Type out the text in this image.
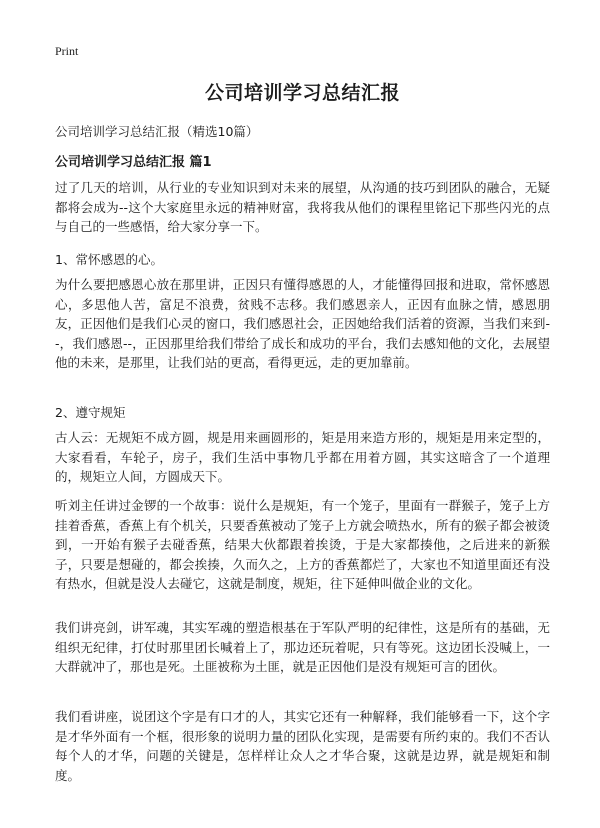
Print
公司培训学习总结汇报
公司培训学习总结汇报（精选10篇）
公司培训学习总结汇报 篇1

过了几天的培训，从行业的专业知识到对未来的展望，从沟通的技巧到团队的融合，无疑都将会成为--这个大家庭里永远的精神财富，我将我从他们的课程里铭记下那些闪光的点与自己的一些感悟，给大家分享一下。

1、常怀感恩的心。

为什么要把感恩心放在那里讲，正因只有懂得感恩的人，才能懂得回报和进取，常怀感恩心，多思他人苦，富足不浪费，贫贱不志移。我们感恩亲人，正因有血脉之情，感恩朋友，正因他们是我们心灵的窗口，我们感恩社会，正因她给我们活着的资源，当我们来到--，我们感恩--，正因那里给我们带给了成长和成功的平台，我们去感知他的文化，去展望他的未来，是那里，让我们站的更高，看得更远，走的更加靠前。

2、遵守规矩

古人云：无规矩不成方圆，规是用来画圆形的，矩是用来造方形的，规矩是用来定型的，大家看看，车轮子，房子，我们生活中事物几乎都在用着方圆，其实这暗含了一个道理的，规矩立人间，方圆成天下。

听刘主任讲过金锣的一个故事：说什么是规矩，有一个笼子，里面有一群猴子，笼子上方挂着香蕉，香蕉上有个机关，只要香蕉被动了笼子上方就会喷热水，所有的猴子都会被烫到，一开始有猴子去碰香蕉，结果大伙都跟着挨烫，于是大家都揍他，之后进来的新猴子，只要是想碰的，都会挨揍，久而久之，上方的香蕉都烂了，大家也不知道里面还有没有热水，但就是没人去碰它，这就是制度，规矩，往下延伸叫做企业的文化。

我们讲亮剑，讲军魂，其实军魂的塑造根基在于军队严明的纪律性，这是所有的基础，无组织无纪律，打仗时那里团长喊着上了，那边还玩着呢，只有等死。这边团长没喊上，一大群就冲了，那也是死。土匪被称为土匪，就是正因他们是没有规矩可言的团伙。

我们看讲座，说团这个字是有口才的人，其实它还有一种解释，我们能够看一下，这个字是才华外面有一个框，很形象的说明力量的团队化实现，是需要有所约束的。我们不否认每个人的才华，问题的关键是，怎样样让众人之才华合聚，这就是边界，就是规矩和制度。
